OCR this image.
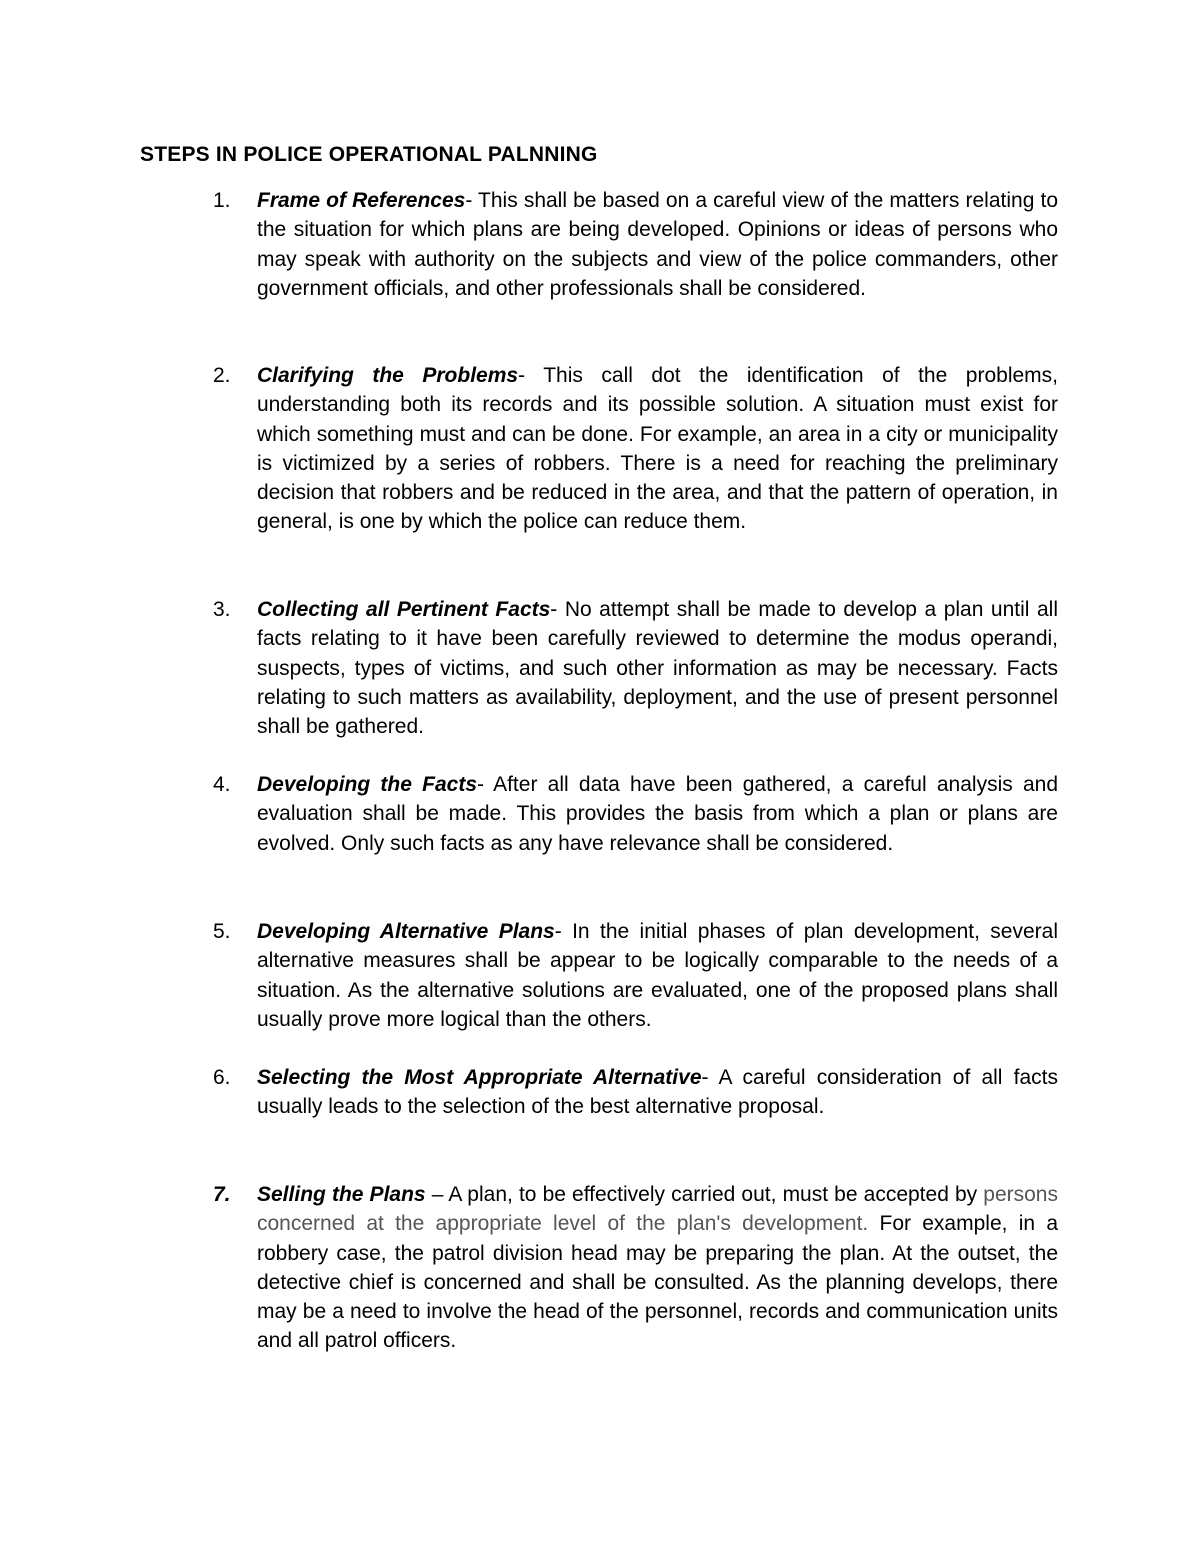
STEPS IN POLICE OPERATIONAL PALNNING
1. Frame of References- This shall be based on a careful view of the matters relating to the situation for which plans are being developed. Opinions or ideas of persons who may speak with authority on the subjects and view of the police commanders, other government officials, and other professionals shall be considered.
2. Clarifying the Problems- This call dot the identification of the problems, understanding both its records and its possible solution. A situation must exist for which something must and can be done. For example, an area in a city or municipality is victimized by a series of robbers. There is a need for reaching the preliminary decision that robbers and be reduced in the area, and that the pattern of operation, in general, is one by which the police can reduce them.
3. Collecting all Pertinent Facts- No attempt shall be made to develop a plan until all facts relating to it have been carefully reviewed to determine the modus operandi, suspects, types of victims, and such other information as may be necessary. Facts relating to such matters as availability, deployment, and the use of present personnel shall be gathered.
4. Developing the Facts- After all data have been gathered, a careful analysis and evaluation shall be made. This provides the basis from which a plan or plans are evolved. Only such facts as any have relevance shall be considered.
5. Developing Alternative Plans- In the initial phases of plan development, several alternative measures shall be appear to be logically comparable to the needs of a situation. As the alternative solutions are evaluated, one of the proposed plans shall usually prove more logical than the others.
6. Selecting the Most Appropriate Alternative- A careful consideration of all facts usually leads to the selection of the best alternative proposal.
7. Selling the Plans – A plan, to be effectively carried out, must be accepted by persons concerned at the appropriate level of the plan's development. For example, in a robbery case, the patrol division head may be preparing the plan. At the outset, the detective chief is concerned and shall be consulted. As the planning develops, there may be a need to involve the head of the personnel, records and communication units and all patrol officers.
